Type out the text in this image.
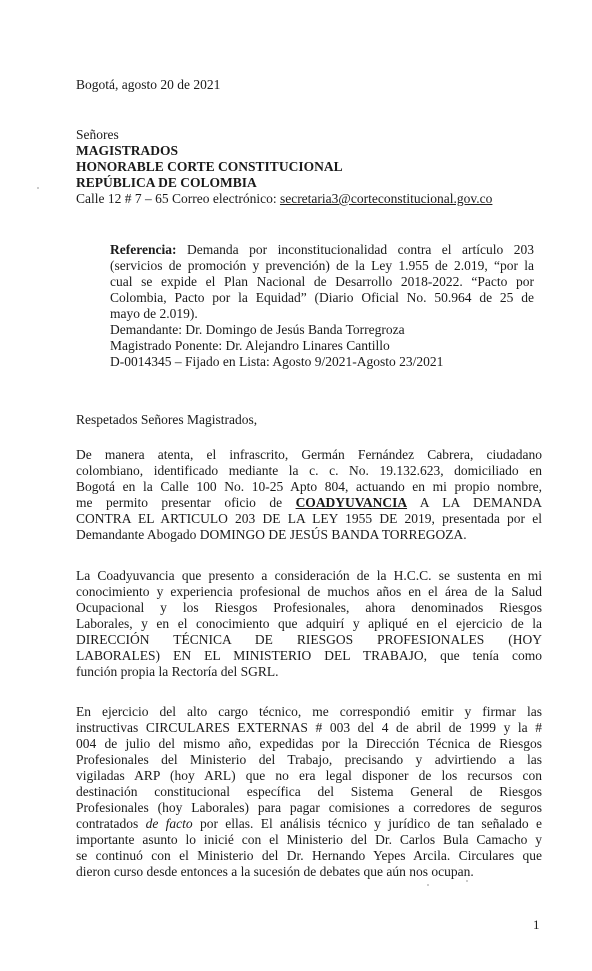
Bogotá, agosto 20 de 2021
Señores
MAGISTRADOS
HONORABLE CORTE CONSTITUCIONAL
REPÚBLICA DE COLOMBIA
Calle 12 # 7 – 65 Correo electrónico: secretaria3@corteconstitucional.gov.co
Referencia: Demanda por inconstitucionalidad contra el artículo 203
(servicios de promoción y prevención) de la Ley 1.955 de 2.019, “por la
cual se expide el Plan Nacional de Desarrollo 2018-2022. “Pacto por
Colombia, Pacto por la Equidad” (Diario Oficial No. 50.964 de 25 de
mayo de 2.019).
Demandante: Dr. Domingo de Jesús Banda Torregroza
Magistrado Ponente: Dr. Alejandro Linares Cantillo
D-0014345 – Fijado en Lista: Agosto 9/2021-Agosto 23/2021
Respetados Señores Magistrados,
De manera atenta, el infrascrito, Germán Fernández Cabrera, ciudadano
colombiano, identificado mediante la c. c. No. 19.132.623, domiciliado en
Bogotá en la Calle 100 No. 10-25 Apto 804, actuando en mi propio nombre,
me permito presentar oficio de COADYUVANCIA A LA DEMANDA
CONTRA EL ARTICULO 203 DE LA LEY 1955 DE 2019, presentada por el
Demandante Abogado DOMINGO DE JESÚS BANDA TORREGOZA.
La Coadyuvancia que presento a consideración de la H.C.C. se sustenta en mi
conocimiento y experiencia profesional de muchos años en el área de la Salud
Ocupacional y los Riesgos Profesionales, ahora denominados Riesgos
Laborales, y en el conocimiento que adquirí y apliqué en el ejercicio de la
DIRECCIÓN TÉCNICA DE RIESGOS PROFESIONALES (HOY
LABORALES) EN EL MINISTERIO DEL TRABAJO, que tenía como
función propia la Rectoría del SGRL.
En ejercicio del alto cargo técnico, me correspondió emitir y firmar las
instructivas CIRCULARES EXTERNAS # 003 del 4 de abril de 1999 y la #
004 de julio del mismo año, expedidas por la Dirección Técnica de Riesgos
Profesionales del Ministerio del Trabajo, precisando y advirtiendo a las
vigiladas ARP (hoy ARL) que no era legal disponer de los recursos con
destinación constitucional específica del Sistema General de Riesgos
Profesionales (hoy Laborales) para pagar comisiones a corredores de seguros
contratados de facto por ellas. El análisis técnico y jurídico de tan señalado e
importante asunto lo inicié con el Ministerio del Dr. Carlos Bula Camacho y
se continuó con el Ministerio del Dr. Hernando Yepes Arcila. Circulares que
dieron curso desde entonces a la sucesión de debates que aún nos ocupan.
1
